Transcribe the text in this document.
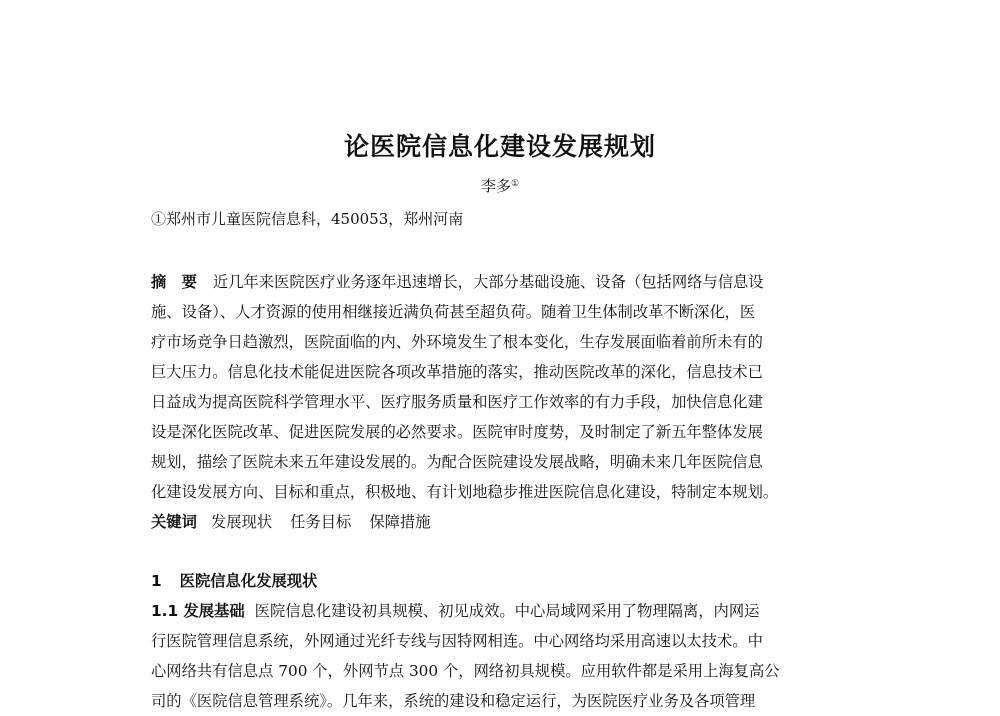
论医院信息化建设发展规划
李多①
①郑州市儿童医院信息科，450053，郑州河南
摘　要 近几年来医院医疗业务逐年迅速增长，大部分基础设施、设备（包括网络与信息设
施、设备）、人才资源的使用相继接近满负荷甚至超负荷。随着卫生体制改革不断深化，医
疗市场竞争日趋激烈，医院面临的内、外环境发生了根本变化，生存发展面临着前所未有的
巨大压力。信息化技术能促进医院各项改革措施的落实，推动医院改革的深化，信息技术已
日益成为提高医院科学管理水平、医疗服务质量和医疗工作效率的有力手段，加快信息化建
设是深化医院改革、促进医院发展的必然要求。医院审时度势，及时制定了新五年整体发展
规划，描绘了医院未来五年建设发展的。为配合医院建设发展战略，明确未来几年医院信息
化建设发展方向、目标和重点，积极地、有计划地稳步推进医院信息化建设，特制定本规划。
关键词 发展现状 任务目标 保障措施
1 医院信息化发展现状
1.1 发展基础 医院信息化建设初具规模、初见成效。中心局域网采用了物理隔离，内网运
行医院管理信息系统，外网通过光纤专线与因特网相连。中心网络均采用高速以太技术。中
心网络共有信息点 700 个，外网节点 300 个，网络初具规模。应用软件都是采用上海复高公
司的《医院信息管理系统》。几年来，系统的建设和稳定运行，为医院医疗业务及各项管理
